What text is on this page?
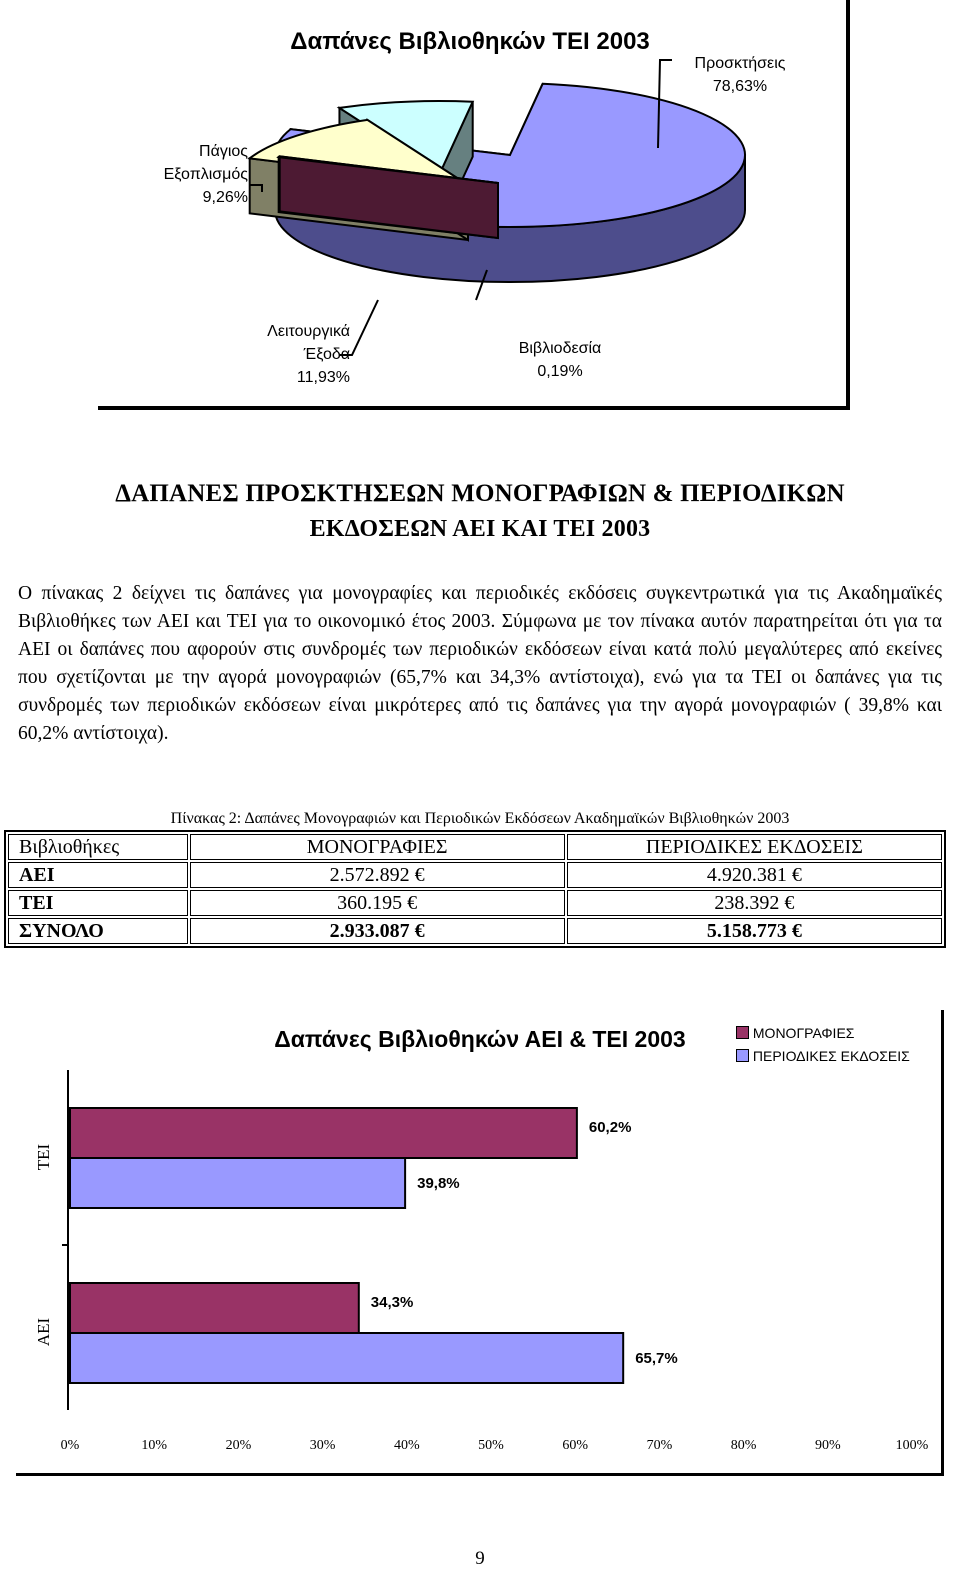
Δαπάνες Βιβλιοθηκών ΤΕΙ 2003
Προσκτήσεις
78,63%
Βιβλιοδεσία
0,19%
Λειτουργικά
Έξοδα
11,93%
Πάγιος
Εξοπλισμός
9,26%
ΔΑΠΑΝΕΣ ΠΡΟΣΚΤΗΣΕΩΝ ΜΟΝΟΓΡΑΦΙΩΝ & ΠΕΡΙΟΔΙΚΩΝ
ΕΚΔΟΣΕΩΝ ΑΕΙ ΚΑΙ ΤΕΙ 2003
Ο πίνακας 2 δείχνει τις δαπάνες για μονογραφίες και περιοδικές εκδόσεις συγκεντρωτικά για τις Ακαδημαϊκές Βιβλιοθήκες των ΑΕΙ και ΤΕΙ για το οικονομικό έτος 2003. Σύμφωνα με τον πίνακα αυτόν παρατηρείται ότι για τα ΑΕΙ οι δαπάνες που αφορούν στις συνδρομές των περιοδικών εκδόσεων είναι κατά πολύ μεγαλύτερες από εκείνες που σχετίζονται με την αγορά μονογραφιών (65,7% και 34,3% αντίστοιχα), ενώ για τα ΤΕΙ οι δαπάνες για τις συνδρομές των περιοδικών εκδόσεων είναι μικρότερες από τις δαπάνες για την αγορά μονογραφιών ( 39,8% και 60,2% αντίστοιχα).
Πίνακας 2: Δαπάνες Μονογραφιών και Περιοδικών Εκδόσεων Ακαδημαϊκών Βιβλιοθηκών 2003
Βιβλιοθήκες	ΜΟΝΟΓΡΑΦΙΕΣ	ΠΕΡΙΟΔΙΚΕΣ ΕΚΔΟΣΕΙΣ
ΑΕΙ	2.572.892 €	4.920.381 €
ΤΕΙ	360.195 €	238.392 €
ΣΥΝΟΛΟ	2.933.087 €	5.158.773 €
Δαπάνες Βιβλιοθηκών ΑΕΙ & ΤΕΙ 2003	ΜΟΝΟΓΡΑΦΙΕΣ
ΠΕΡΙΟΔΙΚΕΣ ΕΚΔΟΣΕΙΣ
ΤΕΙ
60,2%
39,8%
ΑΕΙ
34,3%
65,7%
0%	10%	20%	30%	40%	50%	60%	70%	80%	90%	100%
9
